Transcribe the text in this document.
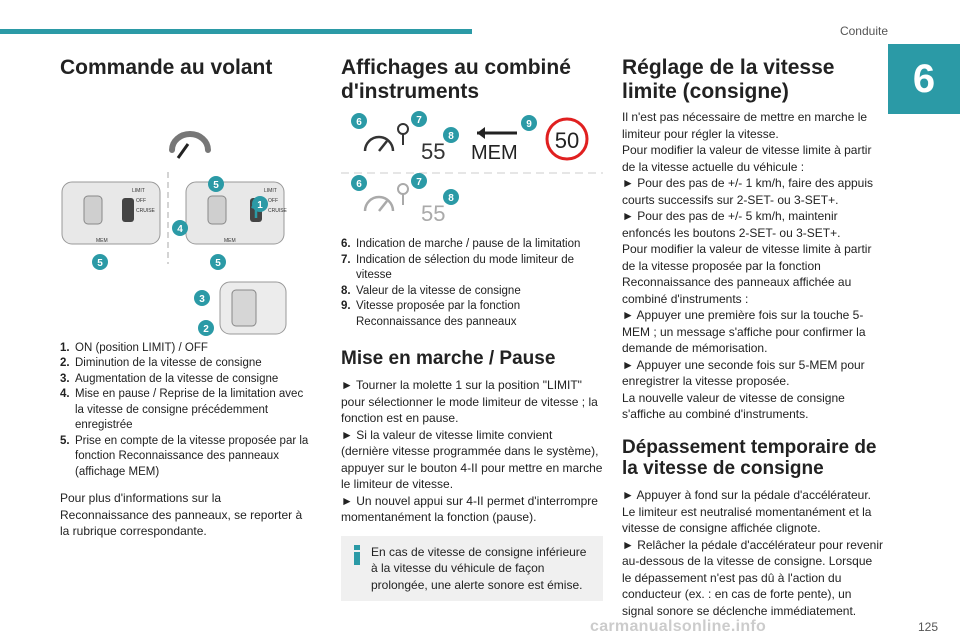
Conduite
6
Commande au volant
LIMIT
OFF
CRUISE
MEM
LIMIT
OFF
CRUISE
MEM
5
1
4
5	5
3
2
1. ON (position LIMIT) / OFF
2. Diminution de la vitesse de consigne
3. Augmentation de la vitesse de consigne
4. Mise en pause / Reprise de la limitation avec la vitesse de consigne précédemment enregistrée
5. Prise en compte de la vitesse proposée par la fonction Reconnaissance des panneaux (affichage MEM)

Pour plus d'informations sur la Reconnaissance des panneaux, se reporter à la rubrique correspondante.

Affichages au combiné d'instruments
55 MEM 50
55
6	7
8
9
6	7
8
6. Indication de marche / pause de la limitation
7. Indication de sélection du mode limiteur de vitesse
8. Valeur de la vitesse de consigne
9. Vitesse proposée par la fonction Reconnaissance des panneaux
Mise en marche / Pause

► Tourner la molette 1 sur la position "LIMIT" pour sélectionner le mode limiteur de vitesse ; la fonction est en pause.

► Si la valeur de vitesse limite convient (dernière vitesse programmée dans le système), appuyer sur le bouton 4-II pour mettre en marche le limiteur de vitesse.

► Un nouvel appui sur 4-II permet d'interrompre momentanément la fonction (pause).

En cas de vitesse de consigne inférieure à la vitesse du véhicule de façon prolongée, une alerte sonore est émise.
Réglage de la vitesse limite (consigne)

Il n'est pas nécessaire de mettre en marche le limiteur pour régler la vitesse.

Pour modifier la valeur de vitesse limite à partir de la vitesse actuelle du véhicule :

► Pour des pas de +/- 1 km/h, faire des appuis courts successifs sur 2-SET- ou 3-SET+.

► Pour des pas de +/- 5 km/h, maintenir enfoncés les boutons 2-SET- ou 3-SET+.

Pour modifier la valeur de vitesse limite à partir de la vitesse proposée par la fonction Reconnaissance des panneaux affichée au combiné d'instruments :

► Appuyer une première fois sur la touche 5-MEM ; un message s'affiche pour confirmer la demande de mémorisation.

► Appuyer une seconde fois sur 5-MEM pour enregistrer la vitesse proposée.

La nouvelle valeur de vitesse de consigne s'affiche au combiné d'instruments.

Dépassement temporaire de la vitesse de consigne

► Appuyer à fond sur la pédale d'accélérateur. Le limiteur est neutralisé momentanément et la vitesse de consigne affichée clignote.

► Relâcher la pédale d'accélérateur pour revenir au-dessous de la vitesse de consigne. Lorsque le dépassement n'est pas dû à l'action du conducteur (ex. : en cas de forte pente), un signal sonore se déclenche immédiatement.

carmanualsonline.info	125
